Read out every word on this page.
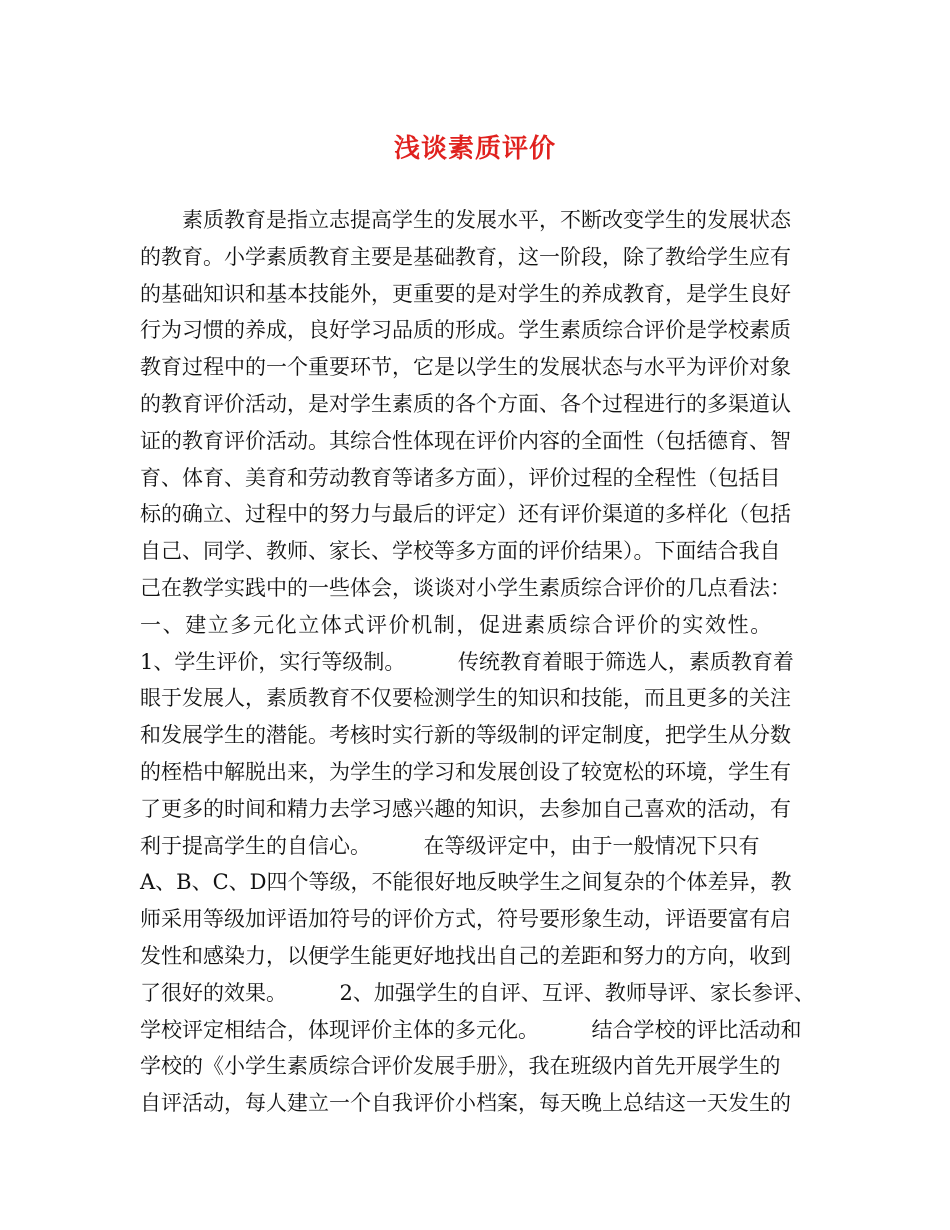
浅谈素质评价
　　素质教育是指立志提高学生的发展水平，不断改变学生的发展状态
的教育。小学素质教育主要是基础教育，这一阶段，除了教给学生应有
的基础知识和基本技能外，更重要的是对学生的养成教育，是学生良好
行为习惯的养成，良好学习品质的形成。学生素质综合评价是学校素质
教育过程中的一个重要环节，它是以学生的发展状态与水平为评价对象
的教育评价活动，是对学生素质的各个方面、各个过程进行的多渠道认
证的教育评价活动。其综合性体现在评价内容的全面性（包括德育、智
育、体育、美育和劳动教育等诸多方面），评价过程的全程性（包括目
标的确立、过程中的努力与最后的评定）还有评价渠道的多样化（包括
自己、同学、教师、家长、学校等多方面的评价结果）。下面结合我自
己在教学实践中的一些体会，谈谈对小学生素质综合评价的几点看法：
一、建立多元化立体式评价机制，促进素质综合评价的实效性。
1、学生评价，实行等级制。　　　传统教育着眼于筛选人，素质教育着
眼于发展人，素质教育不仅要检测学生的知识和技能，而且更多的关注
和发展学生的潜能。考核时实行新的等级制的评定制度，把学生从分数
的桎梏中解脱出来，为学生的学习和发展创设了较宽松的环境，学生有
了更多的时间和精力去学习感兴趣的知识，去参加自己喜欢的活动，有
利于提高学生的自信心。　　　在等级评定中，由于一般情况下只有
A、B、C、D四个等级，不能很好地反映学生之间复杂的个体差异，教
师采用等级加评语加符号的评价方式，符号要形象生动，评语要富有启
发性和感染力，以便学生能更好地找出自己的差距和努力的方向，收到
了很好的效果。　　　2、加强学生的自评、互评、教师导评、家长参评、
学校评定相结合，体现评价主体的多元化。　　　结合学校的评比活动和
学校的《小学生素质综合评价发展手册》，我在班级内首先开展学生的
自评活动，每人建立一个自我评价小档案，每天晚上总结这一天发生的
